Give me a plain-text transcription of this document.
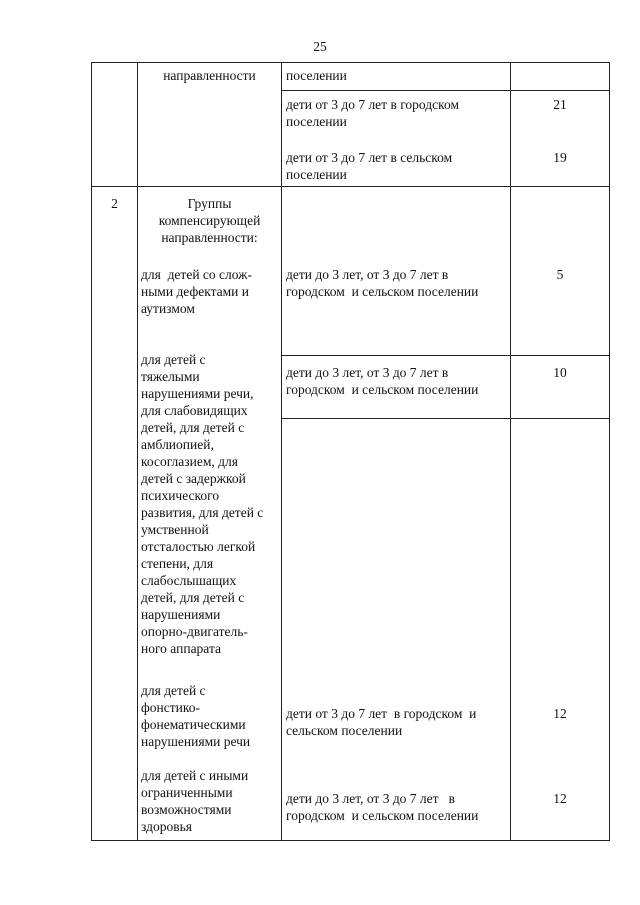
25
направленности	поселении
дети от 3 до 7 лет в городском
поселении
21
дети от 3 до 7 лет в сельском
поселении
19
2	Группы
компенсирующей
направленности:
для  детей со слож-
ными дефектами и
аутизмом
дети до 3 лет, от 3 до 7 лет в
городском  и сельском поселении
5
для детей с
тяжелыми
нарушениями речи,
для слабовидящих
детей, для детей с
амблиопией,
косоглазием, для
детей с задержкой
психического
развития, для детей с
умственной
отсталостью легкой
степени, для
слабослышащих
детей, для детей с
нарушениями
опорно-двигатель-
ного аппарата
дети до 3 лет, от 3 до 7 лет в
городском  и сельском поселении
10
для детей с
фонстико-
фонематическими
нарушениями речи
дети от 3 до 7 лет  в городском  и
сельском поселении
12
для детей с иными
ограниченными
возможностями
здоровья
дети до 3 лет, от 3 до 7 лет   в
городском  и сельском поселении
12
